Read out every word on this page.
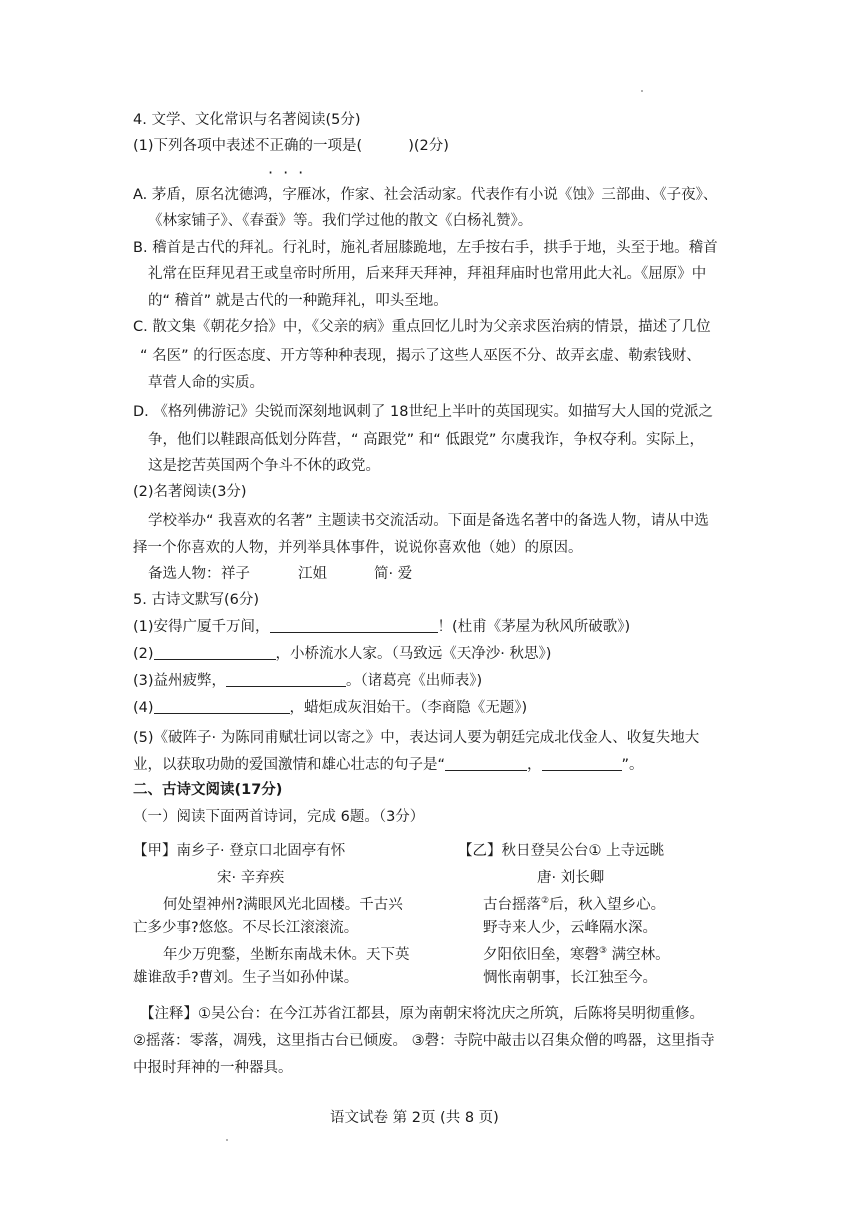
4. 文学、文化常识与名著阅读(5分)
(1)下列各项中表述不正确的一项是(	)(2分)
···
A. 茅盾，原名沈德鸿，字雁冰，作家、社会活动家。代表作有小说《蚀》三部曲、《子夜》、
《林家铺子》、《春蚕》等。我们学过他的散文《白杨礼赞》。
B. 稽首是古代的拜礼。行礼时，施礼者屈膝跪地，左手按右手，拱手于地，头至于地。稽首
礼常在臣拜见君王或皇帝时所用，后来拜天拜神，拜祖拜庙时也常用此大礼。《屈原》中
的“ 稽首” 就是古代的一种跪拜礼，叩头至地。
C. 散文集《朝花夕拾》中，《父亲的病》重点回忆儿时为父亲求医治病的情景，描述了几位
“ 名医” 的行医态度、开方等种种表现，揭示了这些人巫医不分、故弄玄虚、勒索钱财、
草菅人命的实质。
D. 《格列佛游记》尖锐而深刻地讽刺了 18世纪上半叶的英国现实。如描写大人国的党派之
争，他们以鞋跟高低划分阵营，“ 高跟党” 和“ 低跟党” 尔虞我诈，争权夺利。实际上，
这是挖苦英国两个争斗不休的政党。
(2)名著阅读(3分)
学校举办“ 我喜欢的名著” 主题读书交流活动。下面是备选名著中的备选人物，请从中选
择一个你喜欢的人物，并列举具体事件，说说你喜欢他（她）的原因。
备选人物： 祥子	江姐	简· 爱
5. 古诗文默写(6分)
(1)安得广厦千万间，	！(杜甫《茅屋为秋风所破歌》)
(2)	，小桥流水人家。（马致远《天净沙· 秋思》)
(3)益州疲弊，	。（诸葛亮《出师表》)
(4)	，蜡炬成灰泪始干。（李商隐《无题》)
(5)《破阵子· 为陈同甫赋壮词以寄之》中，表达词人要为朝廷完成北伐金人、收复失地大
业，以获取功勋的爱国激情和雄心壮志的句子是“	，	”。
二、古诗文阅读(17分)
（一）阅读下面两首诗词，完成 6题。（3分）
【甲】南乡子· 登京口北固亭有怀
宋· 辛弃疾
何处望神州?满眼风光北固楼。千古兴
亡多少事?悠悠。不尽长江滚滚流。
年少万兜鍪，坐断东南战未休。天下英
雄谁敌手?曹刘。生子当如孙仲谋。
【乙】秋日登吴公台① 上寺远眺
唐· 刘长卿
古台摇落②后，秋入望乡心。
野寺来人少，云峰隔水深。
夕阳依旧垒，寒磬③ 满空林。
惆怅南朝事，长江独至今。
【注释】①吴公台：在今江苏省江都县，原为南朝宋将沈庆之所筑，后陈将吴明彻重修。
②摇落：零落，凋残，这里指古台已倾废。 ③磬：寺院中敲击以召集众僧的鸣器，这里指寺
中报时拜神的一种器具。
语文试卷 第 2页 (共 8 页)
